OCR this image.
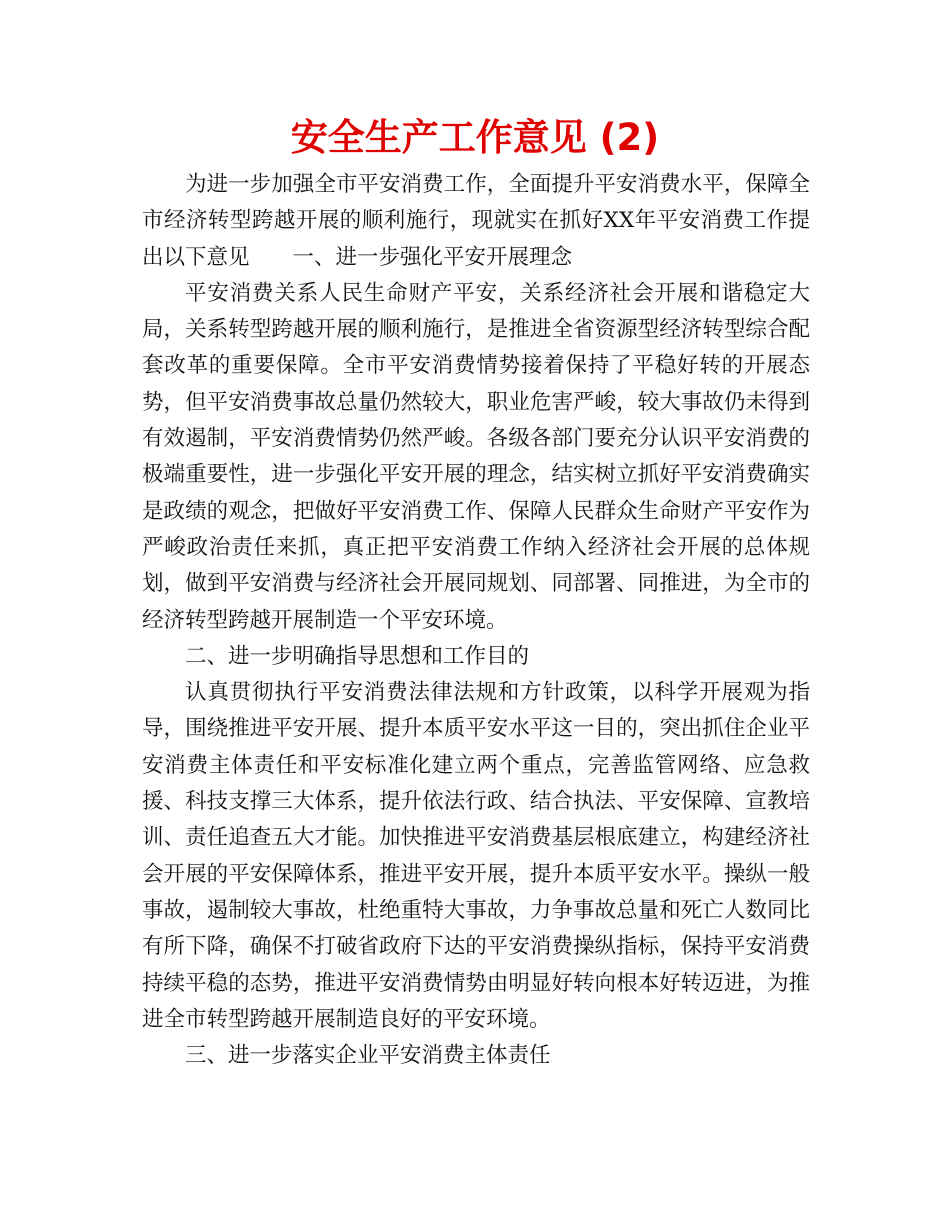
安全生产工作意见 (2)

为进一步加强全市平安消费工作，全面提升平安消费水平，保障全市经济转型跨越开展的顺利施行，现就实在抓好XX年平安消费工作提出以下意见　　一、进一步强化平安开展理念

平安消费关系人民生命财产平安，关系经济社会开展和谐稳定大局，关系转型跨越开展的顺利施行，是推进全省资源型经济转型综合配套改革的重要保障。全市平安消费情势接着保持了平稳好转的开展态势，但平安消费事故总量仍然较大，职业危害严峻，较大事故仍未得到有效遏制，平安消费情势仍然严峻。各级各部门要充分认识平安消费的极端重要性，进一步强化平安开展的理念，结实树立抓好平安消费确实是政绩的观念，把做好平安消费工作、保障人民群众生命财产平安作为严峻政治责任来抓，真正把平安消费工作纳入经济社会开展的总体规划，做到平安消费与经济社会开展同规划、同部署、同推进，为全市的经济转型跨越开展制造一个平安环境。

二、进一步明确指导思想和工作目的

认真贯彻执行平安消费法律法规和方针政策，以科学开展观为指导，围绕推进平安开展、提升本质平安水平这一目的，突出抓住企业平安消费主体责任和平安标准化建立两个重点，完善监管网络、应急救援、科技支撑三大体系，提升依法行政、结合执法、平安保障、宣教培训、责任追查五大才能。加快推进平安消费基层根底建立，构建经济社会开展的平安保障体系，推进平安开展，提升本质平安水平。操纵一般事故，遏制较大事故，杜绝重特大事故，力争事故总量和死亡人数同比有所下降，确保不打破省政府下达的平安消费操纵指标，保持平安消费持续平稳的态势，推进平安消费情势由明显好转向根本好转迈进，为推进全市转型跨越开展制造良好的平安环境。

三、进一步落实企业平安消费主体责任
